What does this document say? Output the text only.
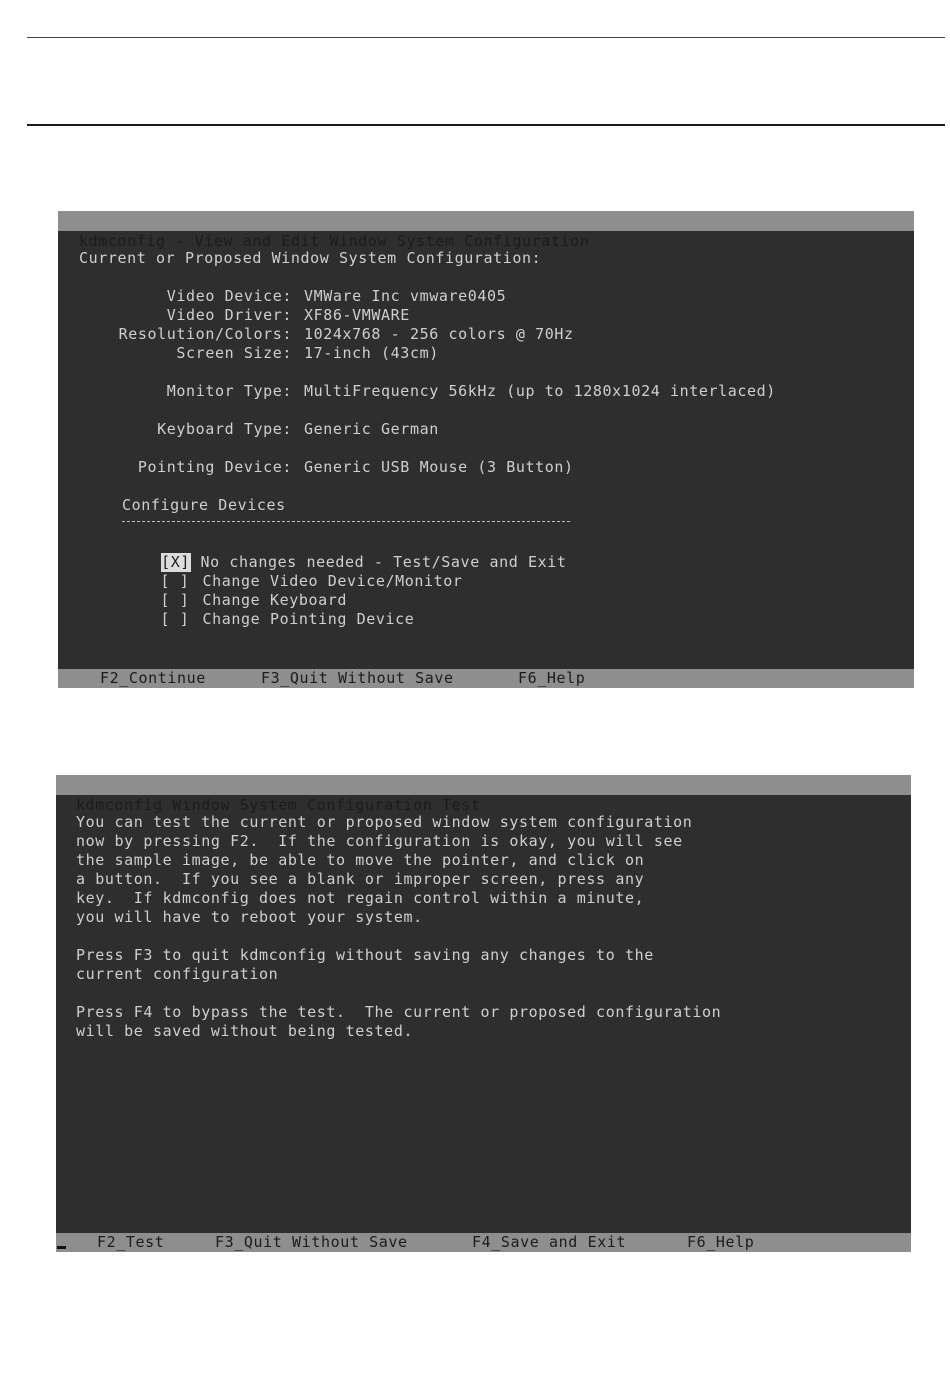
kdmconfig - View and Edit Window System Configuration

Current or Proposed Window System Configuration:
Video Device: VMWare Inc vmware0405
Video Driver: XF86-VMWARE
Resolution/Colors: 1024x768 - 256 colors @ 70Hz
Screen Size: 17-inch (43cm)
Monitor Type: MultiFrequency 56kHz (up to 1280x1024 interlaced)
Keyboard Type: Generic German
Pointing Device: Generic USB Mouse (3 Button)
Configure Devices

[X] No changes needed - Test/Save and Exit

[ ] Change Video Device/Monitor

[ ] Change Keyboard

[ ] Change Pointing Device

F2_Continue

	F3_Quit Without Save

	F6_Help

kdmconfig Window System Configuration Test

You can test the current or proposed window system configuration
now by pressing F2.  If the configuration is okay, you will see
the sample image, be able to move the pointer, and click on
a button.  If you see a blank or improper screen, press any
key.  If kdmconfig does not regain control within a minute,
you will have to reboot your system.
Press F3 to quit kdmconfig without saving any changes to the
current configuration
Press F4 to bypass the test.  The current or proposed configuration
will be saved without being tested.

F2_Test

	F3_Quit Without Save

	F4_Save and Exit

	F6_Help
